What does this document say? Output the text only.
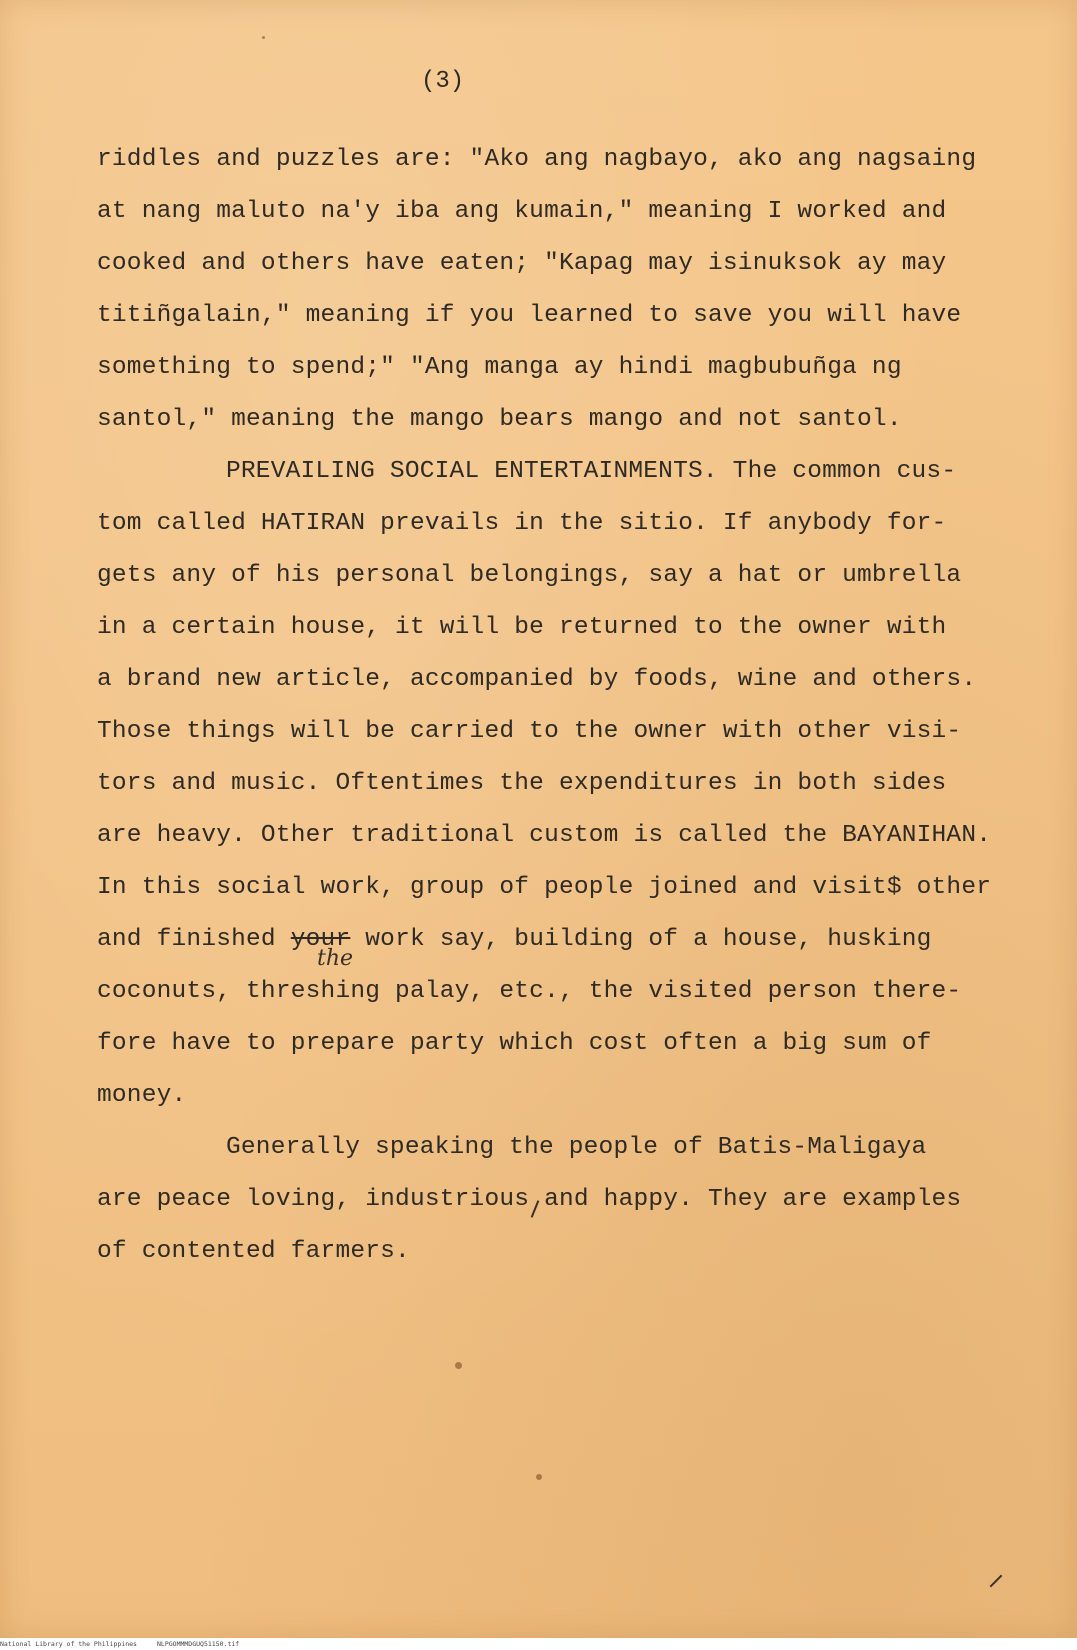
(3)
riddles and puzzles are: "Ako ang nagbayo, ako ang nagsaing
at nang maluto na'y iba ang kumain," meaning I worked and
cooked and others have eaten; "Kapag may isinuksok ay may
titiñgalain," meaning if you learned to save you will have
something to spend;" "Ang manga ay hindi magbubuñga ng
santol," meaning the mango bears mango and not santol.
PREVAILING SOCIAL ENTERTAINMENTS. The common cus-
tom called HATIRAN prevails in the sitio. If anybody for-
gets any of his personal belongings, say a hat or umbrella
in a certain house, it will be returned to the owner with
a brand new article, accompanied by foods, wine and others.
Those things will be carried to the owner with other visi-
tors and music. Oftentimes the expenditures in both sides
are heavy. Other traditional custom is called the BAYANIHAN.
In this social work, group of people joined and visit$ other
and finished your work say, building of a house, husking
the
coconuts, threshing palay, etc., the visited person there-
fore have to prepare party which cost often a big sum of
money.
Generally speaking the people of Batis-Maligaya
are peace loving, industrious and happy. They are examples
of contented farmers.
National Library of the Philippines	NLPGOMMMDGUQ51150.tif
